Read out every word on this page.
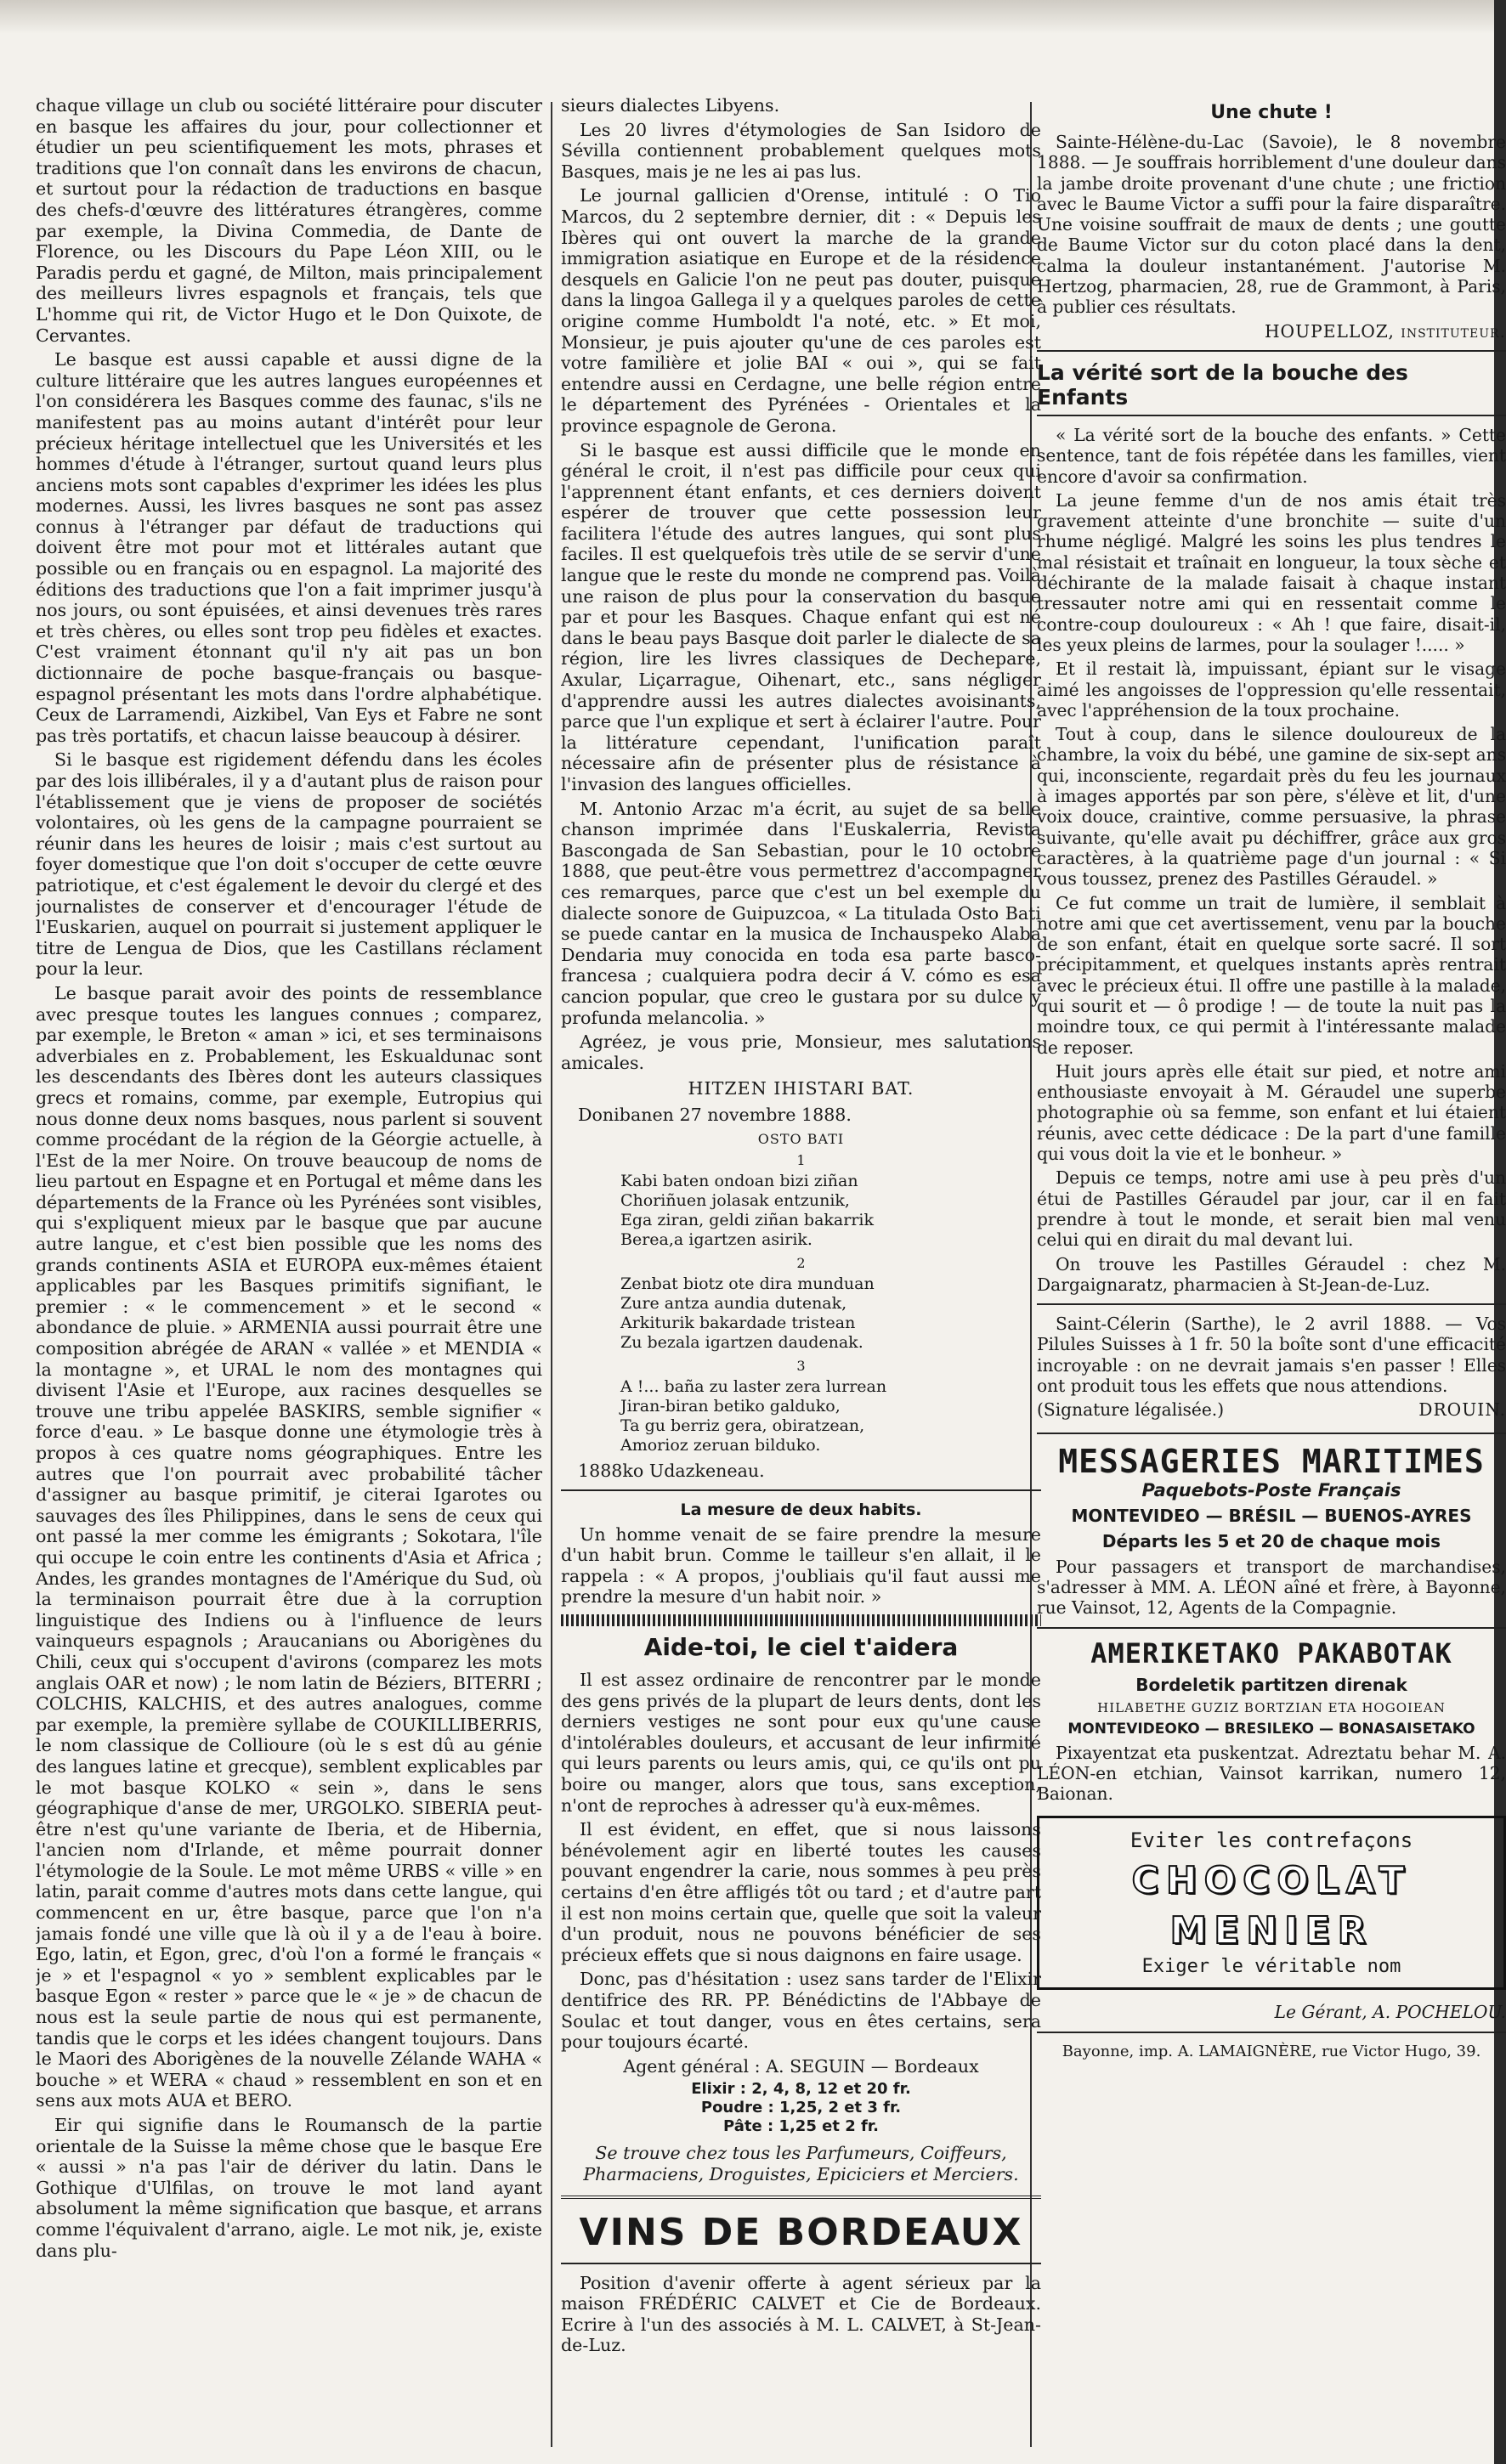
chaque village un club ou société littéraire pour discuter en basque les affaires du jour, pour collectionner et étudier un peu scientifiquement les mots, phrases et traditions que l'on connaît dans les environs de chacun, et surtout pour la rédaction de traductions en basque des chefs-d'œuvre des littératures étrangères, comme par exemple, la Divina Commedia, de Dante de Florence, ou les Discours du Pape Léon XIII, ou le Paradis perdu et gagné, de Milton, mais principalement des meilleurs livres espagnols et français, tels que L'homme qui rit, de Victor Hugo et le Don Quixote, de Cervantes.

Le basque est aussi capable et aussi digne de la culture littéraire que les autres langues européennes et l'on considérera les Basques comme des faunac, s'ils ne manifestent pas au moins autant d'intérêt pour leur précieux héritage intellectuel que les Universités et les hommes d'étude à l'étranger, surtout quand leurs plus anciens mots sont capables d'exprimer les idées les plus modernes. Aussi, les livres basques ne sont pas assez connus à l'étranger par défaut de traductions qui doivent être mot pour mot et littérales autant que possible ou en français ou en espagnol. La majorité des éditions des traductions que l'on a fait imprimer jusqu'à nos jours, ou sont épuisées, et ainsi devenues très rares et très chères, ou elles sont trop peu fidèles et exactes. C'est vraiment étonnant qu'il n'y ait pas un bon dictionnaire de poche basque-français ou basque-espagnol présentant les mots dans l'ordre alphabétique. Ceux de Larramendi, Aizkibel, Van Eys et Fabre ne sont pas très portatifs, et chacun laisse beaucoup à désirer.

Si le basque est rigidement défendu dans les écoles par des lois illibérales, il y a d'autant plus de raison pour l'établissement que je viens de proposer de sociétés volontaires, où les gens de la campagne pourraient se réunir dans les heures de loisir ; mais c'est surtout au foyer domestique que l'on doit s'occuper de cette œuvre patriotique, et c'est également le devoir du clergé et des journalistes de conserver et d'encourager l'étude de l'Euskarien, auquel on pourrait si justement appliquer le titre de Lengua de Dios, que les Castillans réclament pour la leur.

Le basque parait avoir des points de ressemblance avec presque toutes les langues connues ; comparez, par exemple, le Breton « aman » ici, et ses terminaisons adverbiales en z. Probablement, les Eskualdunac sont les descendants des Ibères dont les auteurs classiques grecs et romains, comme, par exemple, Eutropius qui nous donne deux noms basques, nous parlent si souvent comme procédant de la région de la Géorgie actuelle, à l'Est de la mer Noire. On trouve beaucoup de noms de lieu partout en Espagne et en Portugal et même dans les départements de la France où les Pyrénées sont visibles, qui s'expliquent mieux par le basque que par aucune autre langue, et c'est bien possible que les noms des grands continents ASIA et EUROPA eux-mêmes étaient applicables par les Basques primitifs signifiant, le premier : « le commencement » et le second « abondance de pluie. » ARMENIA aussi pourrait être une composition abrégée de ARAN « vallée » et MENDIA « la montagne », et URAL le nom des montagnes qui divisent l'Asie et l'Europe, aux racines desquelles se trouve une tribu appelée BASKIRS, semble signifier « force d'eau. » Le basque donne une étymologie très à propos à ces quatre noms géographiques. Entre les autres que l'on pourrait avec probabilité tâcher d'assigner au basque primitif, je citerai Igarotes ou sauvages des îles Philippines, dans le sens de ceux qui ont passé la mer comme les émigrants ; Sokotara, l'île qui occupe le coin entre les continents d'Asia et Africa ; Andes, les grandes montagnes de l'Amérique du Sud, où la terminaison pourrait être due à la corruption linguistique des Indiens ou à l'influence de leurs vainqueurs espagnols ; Araucanians ou Aborigènes du Chili, ceux qui s'occupent d'avirons (comparez les mots anglais OAR et now) ; le nom latin de Béziers, BITERRI ; COLCHIS, KALCHIS, et des autres analogues, comme par exemple, la première syllabe de COUKILLIBERRIS, le nom classique de Collioure (où le s est dû au génie des langues latine et grecque), semblent explicables par le mot basque KOLKO « sein », dans le sens géographique d'anse de mer, URGOLKO. SIBERIA peut-être n'est qu'une variante de Iberia, et de Hibernia, l'ancien nom d'Irlande, et même pourrait donner l'étymologie de la Soule. Le mot même URBS « ville » en latin, parait comme d'autres mots dans cette langue, qui commencent en ur, être basque, parce que l'on n'a jamais fondé une ville que là où il y a de l'eau à boire. Ego, latin, et Egon, grec, d'où l'on a formé le français « je » et l'espagnol « yo » semblent explicables par le basque Egon « rester » parce que le « je » de chacun de nous est la seule partie de nous qui est permanente, tandis que le corps et les idées changent toujours. Dans le Maori des Aborigènes de la nouvelle Zélande WAHA « bouche » et WERA « chaud » ressemblent en son et en sens aux mots AUA et BERO.

Eir qui signifie dans le Roumansch de la partie orientale de la Suisse la même chose que le basque Ere « aussi » n'a pas l'air de dériver du latin. Dans le Gothique d'Ulfilas, on trouve le mot land ayant absolument la même signification que basque, et arrans comme l'équivalent d'arrano, aigle. Le mot nik, je, existe dans plu-

sieurs dialectes Libyens.

Les 20 livres d'étymologies de San Isidoro de Sévilla contiennent probablement quelques mots Basques, mais je ne les ai pas lus.

Le journal gallicien d'Orense, intitulé : O Tio Marcos, du 2 septembre dernier, dit : « Depuis les Ibères qui ont ouvert la marche de la grande immigration asiatique en Europe et de la résidence desquels en Galicie l'on ne peut pas douter, puisque dans la lingoa Gallega il y a quelques paroles de cette origine comme Humboldt l'a noté, etc. » Et moi, Monsieur, je puis ajouter qu'une de ces paroles est votre familière et jolie BAI « oui », qui se fait entendre aussi en Cerdagne, une belle région entre le département des Pyrénées - Orientales et la province espagnole de Gerona.

Si le basque est aussi difficile que le monde en général le croit, il n'est pas difficile pour ceux qui l'apprennent étant enfants, et ces derniers doivent espérer de trouver que cette possession leur facilitera l'étude des autres langues, qui sont plus faciles. Il est quelquefois très utile de se servir d'une langue que le reste du monde ne comprend pas. Voilà une raison de plus pour la conservation du basque par et pour les Basques. Chaque enfant qui est né dans le beau pays Basque doit parler le dialecte de sa région, lire les livres classiques de Dechepare, Axular, Liçarrague, Oihenart, etc., sans négliger d'apprendre aussi les autres dialectes avoisinants, parce que l'un explique et sert à éclairer l'autre. Pour la littérature cependant, l'unification paraît nécessaire afin de présenter plus de résistance à l'invasion des langues officielles.

M. Antonio Arzac m'a écrit, au sujet de sa belle chanson imprimée dans l'Euskalerria, Revista Bascongada de San Sebastian, pour le 10 octobre 1888, que peut-être vous permettrez d'accompagner ces remarques, parce que c'est un bel exemple du dialecte sonore de Guipuzcoa, « La titulada Osto Bati se puede cantar en la musica de Inchauspeko Alaba Dendaria muy conocida en toda esa parte basco-francesa ; cualquiera podra decir á V. cómo es esa cancion popular, que creo le gustara por su dulce y profunda melancolia. »

Agréez, je vous prie, Monsieur, mes salutations amicales.

HITZEN IHISTARI BAT.

Donibanen 27 novembre 1888.

OSTO BATI

1

Kabi baten ondoan bizi ziñan
Choriñuen jolasak entzunik,
Ega ziran, geldi ziñan bakarrik
Berea,a igartzen asirik.

2

Zenbat biotz ote dira munduan
Zure antza aundia dutenak,
Arkiturik bakardade tristean
Zu bezala igartzen daudenak.

3

A !... baña zu laster zera lurrean
Jiran-biran betiko galduko,
Ta gu berriz gera, obiratzean,
Amorioz zeruan bilduko.

1888ko Udazkeneau.

La mesure de deux habits.

Un homme venait de se faire prendre la mesure d'un habit brun. Comme le tailleur s'en allait, il le rappela : « A propos, j'oubliais qu'il faut aussi me prendre la mesure d'un habit noir. »

Aide-toi, le ciel t'aidera

Il est assez ordinaire de rencontrer par le monde des gens privés de la plupart de leurs dents, dont les derniers vestiges ne sont pour eux qu'une cause d'intolérables douleurs, et accusant de leur infirmité qui leurs parents ou leurs amis, qui, ce qu'ils ont pu boire ou manger, alors que tous, sans exception, n'ont de reproches à adresser qu'à eux-mêmes.

Il est évident, en effet, que si nous laissons bénévolement agir en liberté toutes les causes pouvant engendrer la carie, nous sommes à peu près certains d'en être affligés tôt ou tard ; et d'autre part il est non moins certain que, quelle que soit la valeur d'un produit, nous ne pouvons bénéficier de ses précieux effets que si nous daignons en faire usage.

Donc, pas d'hésitation : usez sans tarder de l'Elixir dentifrice des RR. PP. Bénédictins de l'Abbaye de Soulac et tout danger, vous en êtes certains, sera pour toujours écarté.

Agent général : A. SEGUIN — Bordeaux

Elixir : 2, 4, 8, 12 et 20 fr.
Poudre : 1,25, 2 et 3 fr.
Pâte : 1,25 et 2 fr.

Se trouve chez tous les Parfumeurs, Coiffeurs, Pharmaciens, Droguistes, Epiciciers et Merciers.

VINS DE BORDEAUX

Position d'avenir offerte à agent sérieux par la maison FRÉDÉRIC CALVET et Cie de Bordeaux. Ecrire à l'un des associés à M. L. CALVET, à St-Jean-de-Luz.

Une chute !

Sainte-Hélène-du-Lac (Savoie), le 8 novembre 1888. — Je souffrais horriblement d'une douleur dans la jambe droite provenant d'une chute ; une friction avec le Baume Victor a suffi pour la faire disparaître. Une voisine souffrait de maux de dents ; une goutte de Baume Victor sur du coton placé dans la dent, calma la douleur instantanément. J'autorise M. Hertzog, pharmacien, 28, rue de Grammont, à Paris, à publier ces résultats.

HOUPELLOZ, instituteur.

La vérité sort de la bouche des Enfants

« La vérité sort de la bouche des enfants. » Cette sentence, tant de fois répétée dans les familles, vient encore d'avoir sa confirmation.

La jeune femme d'un de nos amis était très gravement atteinte d'une bronchite — suite d'un rhume négligé. Malgré les soins les plus tendres le mal résistait et traînait en longueur, la toux sèche et déchirante de la malade faisait à chaque instant tressauter notre ami qui en ressentait comme le contre-coup douloureux : « Ah ! que faire, disait-il, les yeux pleins de larmes, pour la soulager !..... »

Et il restait là, impuissant, épiant sur le visage aimé les angoisses de l'oppression qu'elle ressentait, avec l'appréhension de la toux prochaine.

Tout à coup, dans le silence douloureux de la chambre, la voix du bébé, une gamine de six-sept ans qui, inconsciente, regardait près du feu les journaux à images apportés par son père, s'élève et lit, d'une voix douce, craintive, comme persuasive, la phrase suivante, qu'elle avait pu déchiffrer, grâce aux gros caractères, à la quatrième page d'un journal : « Si vous toussez, prenez des Pastilles Géraudel. »

Ce fut comme un trait de lumière, il semblait à notre ami que cet avertissement, venu par la bouche de son enfant, était en quelque sorte sacré. Il sort précipitamment, et quelques instants après rentrait avec le précieux étui. Il offre une pastille à la malade, qui sourit et — ô prodige ! — de toute la nuit pas la moindre toux, ce qui permit à l'intéressante malade de reposer.

Huit jours après elle était sur pied, et notre ami enthousiaste envoyait à M. Géraudel une superbe photographie où sa femme, son enfant et lui étaient réunis, avec cette dédicace : De la part d'une famille qui vous doit la vie et le bonheur. »

Depuis ce temps, notre ami use à peu près d'un étui de Pastilles Géraudel par jour, car il en fait prendre à tout le monde, et serait bien mal venu celui qui en dirait du mal devant lui.

On trouve les Pastilles Géraudel : chez M. Dargaignaratz, pharmacien à St-Jean-de-Luz.

Saint-Célerin (Sarthe), le 2 avril 1888. — Vos Pilules Suisses à 1 fr. 50 la boîte sont d'une efficacité incroyable : on ne devrait jamais s'en passer ! Elles ont produit tous les effets que nous attendions.

(Signature légalisée.)	DROUIN.
MESSAGERIES MARITIMES
Paquebots-Poste Français
MONTEVIDEO — BRÉSIL — BUENOS-AYRES
Départs les 5 et 20 de chaque mois

Pour passagers et transport de marchandises, s'adresser à MM. A. LÉON aîné et frère, à Bayonne, rue Vainsot, 12, Agents de la Compagnie.

AMERIKETAKO PAKABOTAK
Bordeletik partitzen direnak
HILABETHE GUZIZ BORTZIAN ETA HOGOIEAN
MONTEVIDEOKO — BRESILEKO — BONASAISETAKO

Pixayentzat eta puskentzat. Adreztatu behar M. A. LÉON-en etchian, Vainsot karrikan, numero 12, Baionan.

Eviter les contrefaçons
CHOCOLAT
MENIER
Exiger le véritable nom

Le Gérant, A. POCHELOU.

Bayonne, imp. A. LAMAIGNÈRE, rue Victor Hugo, 39.
